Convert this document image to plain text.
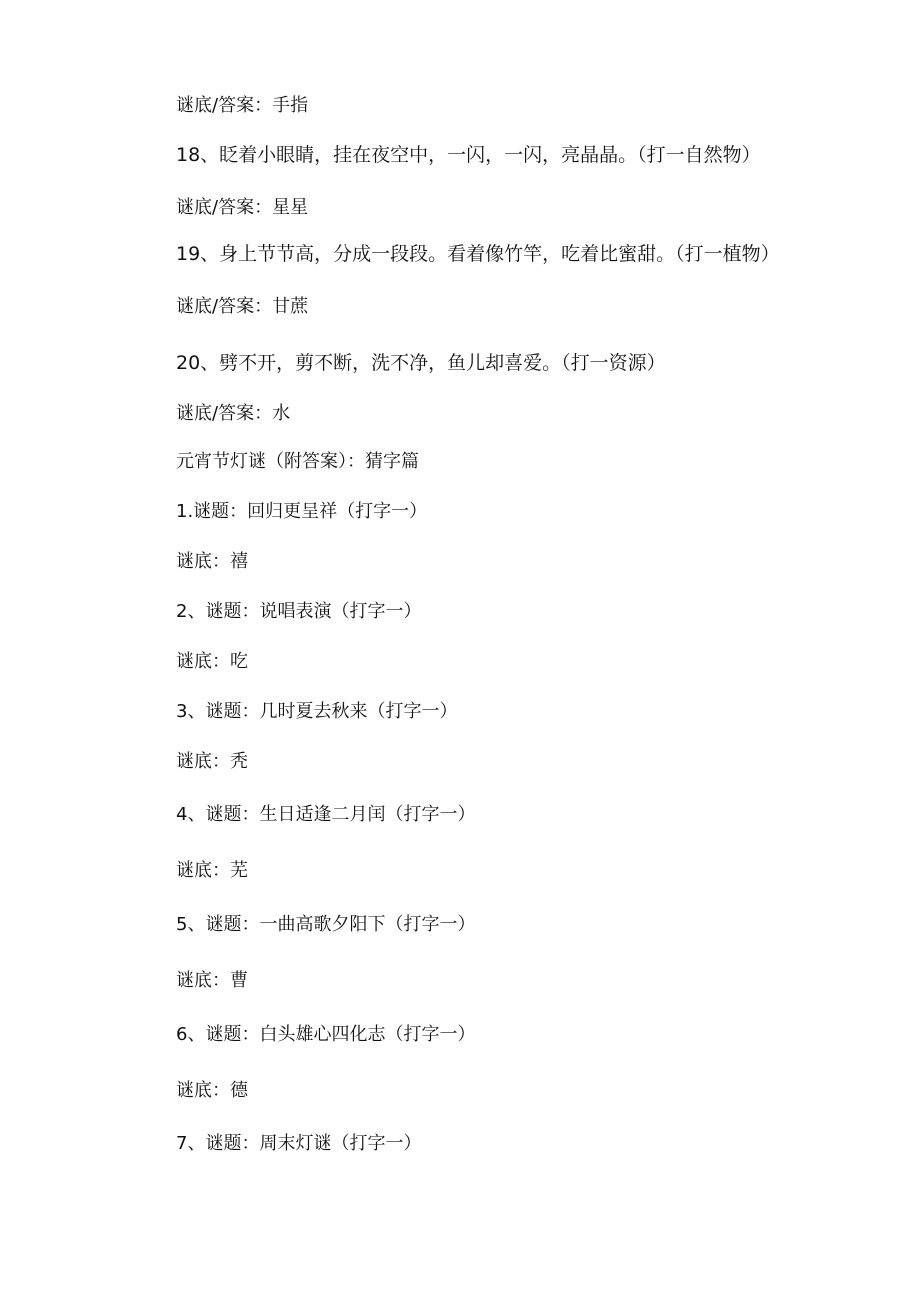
谜底/答案：手指
18、眨着小眼睛，挂在夜空中，一闪，一闪，亮晶晶。（打一自然物）
谜底/答案：星星
19、身上节节高，分成一段段。看着像竹竿，吃着比蜜甜。（打一植物）
谜底/答案：甘蔗
20、劈不开，剪不断，洗不净，鱼儿却喜爱。（打一资源）
谜底/答案：水
元宵节灯谜（附答案）：猜字篇
1.谜题：回归更呈祥（打字一）
谜底：禧
2、谜题：说唱表演（打字一）
谜底：吃
3、谜题：几时夏去秋来（打字一）
谜底：秃
4、谜题：生日适逢二月闰（打字一）
谜底：芜
5、谜题：一曲高歌夕阳下（打字一）
谜底：曹
6、谜题：白头雄心四化志（打字一）
谜底：德
7、谜题：周末灯谜（打字一）
